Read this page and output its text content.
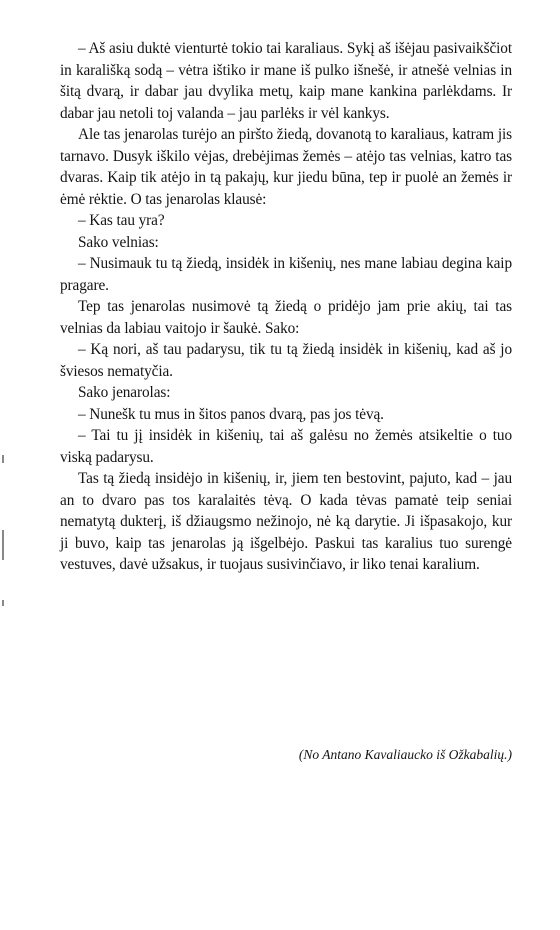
– Aš asiu duktė vienturtė tokio tai karaliaus. Sykį aš išėjau pasivaikščiot in karališką sodą – vėtra ištiko ir mane iš pulko išnešė, ir atnešė velnias in šitą dvarą, ir dabar jau dvylika metų, kaip mane kankina parlėkdams. Ir dabar jau netoli toj valanda – jau parlėks ir vėl kankys.

Ale tas jenarolas turėjo an piršto žiedą, dovanotą to karaliaus, katram jis tarnavo. Dusyk iškilo vėjas, drebėjimas žemės – atėjo tas velnias, katro tas dvaras. Kaip tik atėjo in tą pakajų, kur jiedu būna, tep ir puolė an žemės ir ėmė rėktie. O tas jenarolas klausė:

– Kas tau yra?

Sako velnias:

– Nusimauk tu tą žiedą, insidėk in kišenių, nes mane labiau degina kaip pragare.

Tep tas jenarolas nusimovė tą žiedą o pridėjo jam prie akių, tai tas velnias da labiau vaitojo ir šaukė. Sako:

– Ką nori, aš tau padarysu, tik tu tą žiedą insidėk in kišenių, kad aš jo šviesos nematyčia.

Sako jenarolas:

– Nunešk tu mus in šitos panos dvarą, pas jos tėvą.

– Tai tu jį insidėk in kišenių, tai aš galėsu no žemės atsikeltie o tuo viską padarysu.

Tas tą žiedą insidėjo in kišenių, ir, jiem ten bestovint, pajuto, kad – jau an to dvaro pas tos karalaitės tėvą. O kada tėvas pamatė teip seniai nematytą dukterį, iš džiaugsmo nežinojo, nė ką darytie. Ji išpasakojo, kur ji buvo, kaip tas jenarolas ją išgelbėjo. Paskui tas karalius tuo surengė vestuves, davė užsakus, ir tuojaus susivinčiavo, ir liko tenai karalium.

(No Antano Kavaliaucko iš Ožkabalių.)
